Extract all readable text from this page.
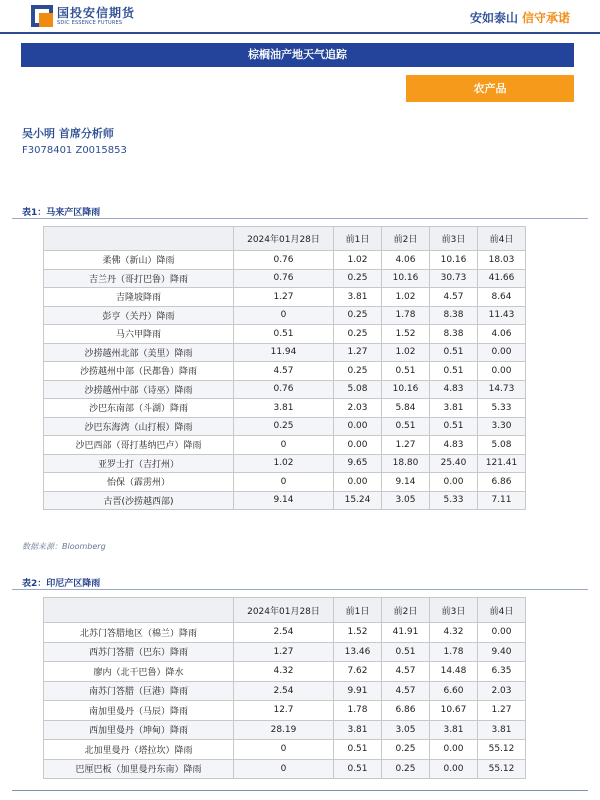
国投安信期货
SDIC ESSENCE FUTURES	安如泰山 信守承诺
棕榈油产地天气追踪
农产品
吴小明 首席分析师
F3078401 Z0015853
表1：马来产区降雨
	2024年01月28日	前1日	前2日	前3日	前4日
柔佛（新山）降雨	0.76	1.02	4.06	10.16	18.03
吉兰丹（哥打巴鲁）降雨	0.76	0.25	10.16	30.73	41.66
吉隆坡降雨	1.27	3.81	1.02	4.57	8.64
彭亨（关丹）降雨	0	0.25	1.78	8.38	11.43
马六甲降雨	0.51	0.25	1.52	8.38	4.06
沙捞越州北部（美里）降雨	11.94	1.27	1.02	0.51	0.00
沙捞越州中部（民都鲁）降雨	4.57	0.25	0.51	0.51	0.00
沙捞越州中部（诗巫）降雨	0.76	5.08	10.16	4.83	14.73
沙巴东南部（斗湖）降雨	3.81	2.03	5.84	3.81	5.33
沙巴东海湾（山打根）降雨	0.25	0.00	0.51	0.51	3.30
沙巴西部（哥打基纳巴卢）降雨	0	0.00	1.27	4.83	5.08
亚罗士打（吉打州）	1.02	9.65	18.80	25.40	121.41
怡保（霹雳州）	0	0.00	9.14	0.00	6.86
古晋(沙捞越西部)	9.14	15.24	3.05	5.33	7.11
数据来源：Bloomberg
表2：印尼产区降雨
	2024年01月28日	前1日	前2日	前3日	前4日
北苏门答腊地区（棉兰）降雨	2.54	1.52	41.91	4.32	0.00
西苏门答腊（巴东）降雨	1.27	13.46	0.51	1.78	9.40
廖内（北干巴鲁）降水	4.32	7.62	4.57	14.48	6.35
南苏门答腊（巨港）降雨	2.54	9.91	4.57	6.60	2.03
南加里曼丹（马辰）降雨	12.7	1.78	6.86	10.67	1.27
西加里曼丹（坤甸）降雨	28.19	3.81	3.05	3.81	3.81
北加里曼丹（塔拉坎）降雨	0	0.51	0.25	0.00	55.12
巴厘巴板（加里曼丹东南）降雨	0	0.51	0.25	0.00	55.12
